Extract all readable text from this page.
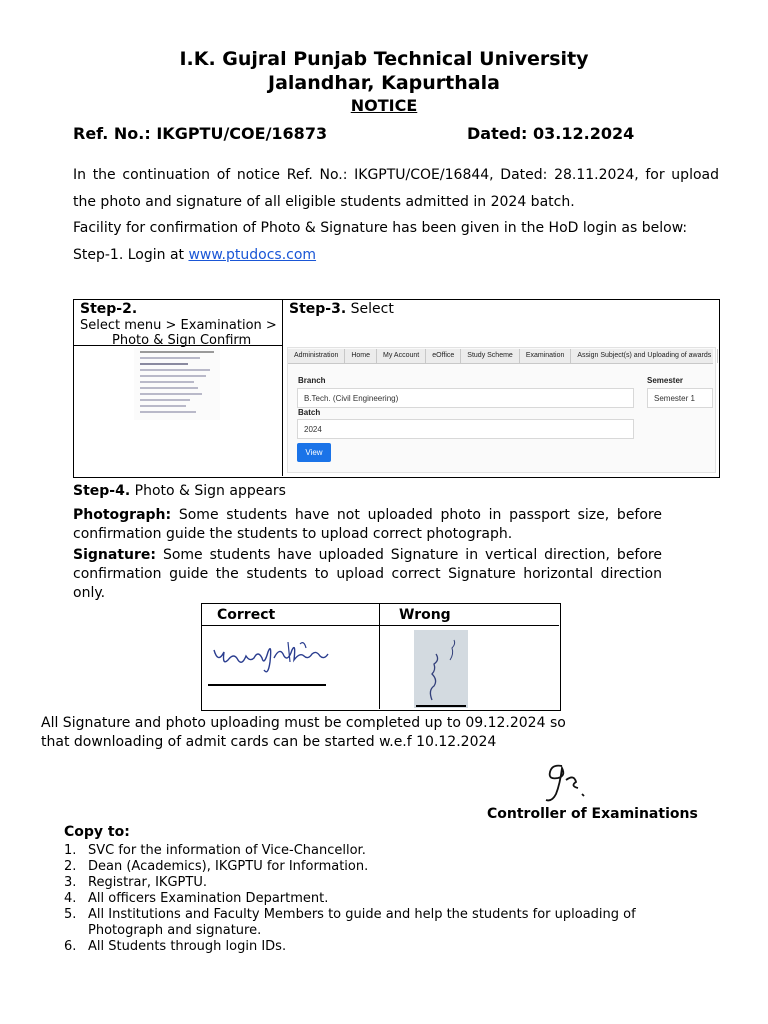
I.K. Gujral Punjab Technical University
Jalandhar, Kapurthala
NOTICE
Ref. No.: IKGPTU/COE/16873	Dated: 03.12.2024

In the continuation of notice Ref. No.: IKGPTU/COE/16844, Dated: 28.11.2024, for upload the photo and signature of all eligible students admitted in 2024 batch.

Facility for confirmation of Photo & Signature has been given in the HoD login as below:

Step-1. Login at www.ptudocs.com

Step-2.
Select menu > Examination >
Photo & Sign Confirm
Step-3. Select
Administration	Home	My Account	eOffice	Study Scheme	Examination	Assign Subject(s) and Uploading of awards
Branch
B.Tech. (Civil Engineering)
Semester
Semester 1
Batch
2024
View
Step-4. Photo & Sign appears
Photograph: Some students have not uploaded photo in passport size, before confirmation guide the students to upload correct photograph.
Signature: Some students have uploaded Signature in vertical direction, before confirmation guide the students to upload correct Signature horizontal direction only.
Correct	Wrong
All Signature and photo uploading must be completed up to 09.12.2024 so
that downloading of admit cards can be started w.e.f 10.12.2024
Controller of Examinations
Copy to:
1. SVC for the information of Vice-Chancellor.
2. Dean (Academics), IKGPTU for Information.
3. Registrar, IKGPTU.
4. All officers Examination Department.
5. All Institutions and Faculty Members to guide and help the students for uploading of Photograph and signature.
6. All Students through login IDs.
